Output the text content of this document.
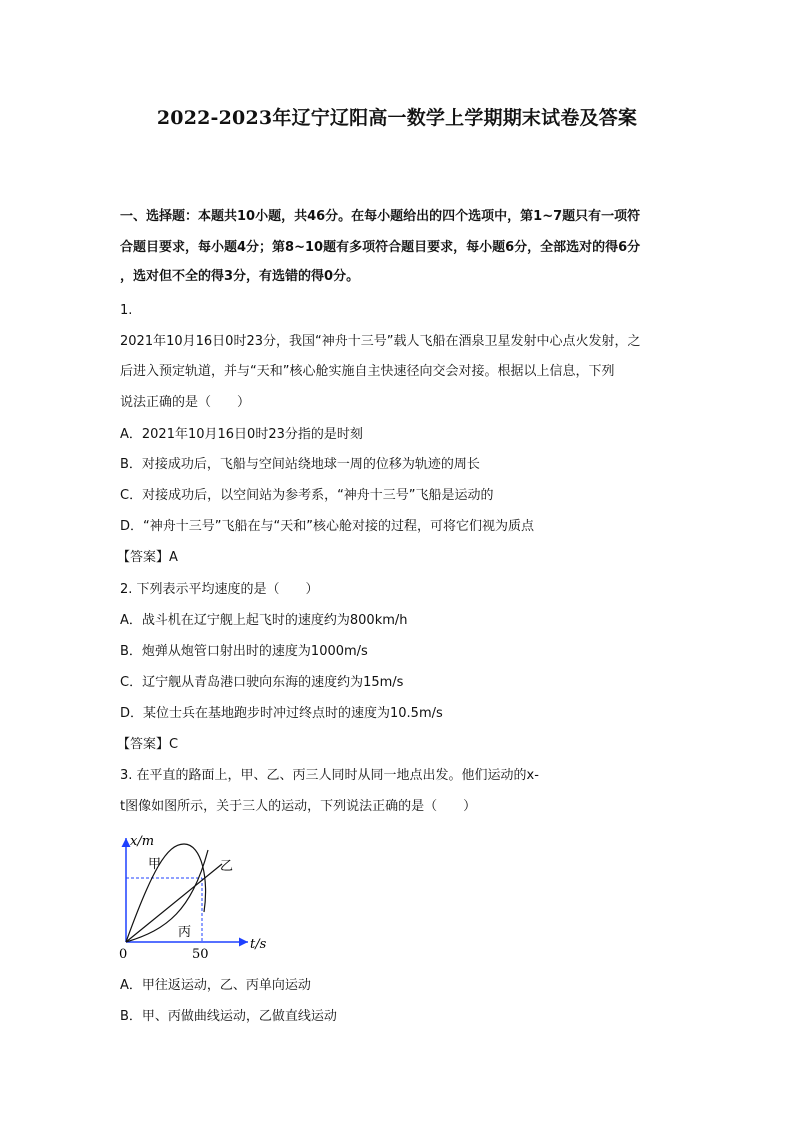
2022-2023年辽宁辽阳高一数学上学期期末试卷及答案
一、选择题：本题共10小题，共46分。在每小题给出的四个选项中，第1~7题只有一项符
合题目要求，每小题4分；第8~10题有多项符合题目要求，每小题6分，全部选对的得6分
，选对但不全的得3分，有选错的得0分。
1.
2021年10月16日0时23分，我国“神舟十三号”载人飞船在酒泉卫星发射中心点火发射，之
后进入预定轨道，并与“天和”核心舱实施自主快速径向交会对接。根据以上信息，下列
说法正确的是（　　）
A．2021年10月16日0时23分指的是时刻
B．对接成功后，飞船与空间站绕地球一周的位移为轨迹的周长
C．对接成功后，以空间站为参考系，“神舟十三号”飞船是运动的
D．“神舟十三号”飞船在与“天和”核心舱对接的过程，可将它们视为质点
【答案】A
2. 下列表示平均速度的是（　　）
A．战斗机在辽宁舰上起飞时的速度约为800km/h
B．炮弹从炮管口射出时的速度为1000m/s
C．辽宁舰从青岛港口驶向东海的速度约为15m/s
D．某位士兵在基地跑步时冲过终点时的速度为10.5m/s
【答案】C
3. 在平直的路面上，甲、乙、丙三人同时从同一地点出发。他们运动的x-
t图像如图所示，关于三人的运动，下列说法正确的是（　　）
x/m
t/s
0	50
甲	乙
丙
A．甲往返运动，乙、丙单向运动
B．甲、丙做曲线运动，乙做直线运动
